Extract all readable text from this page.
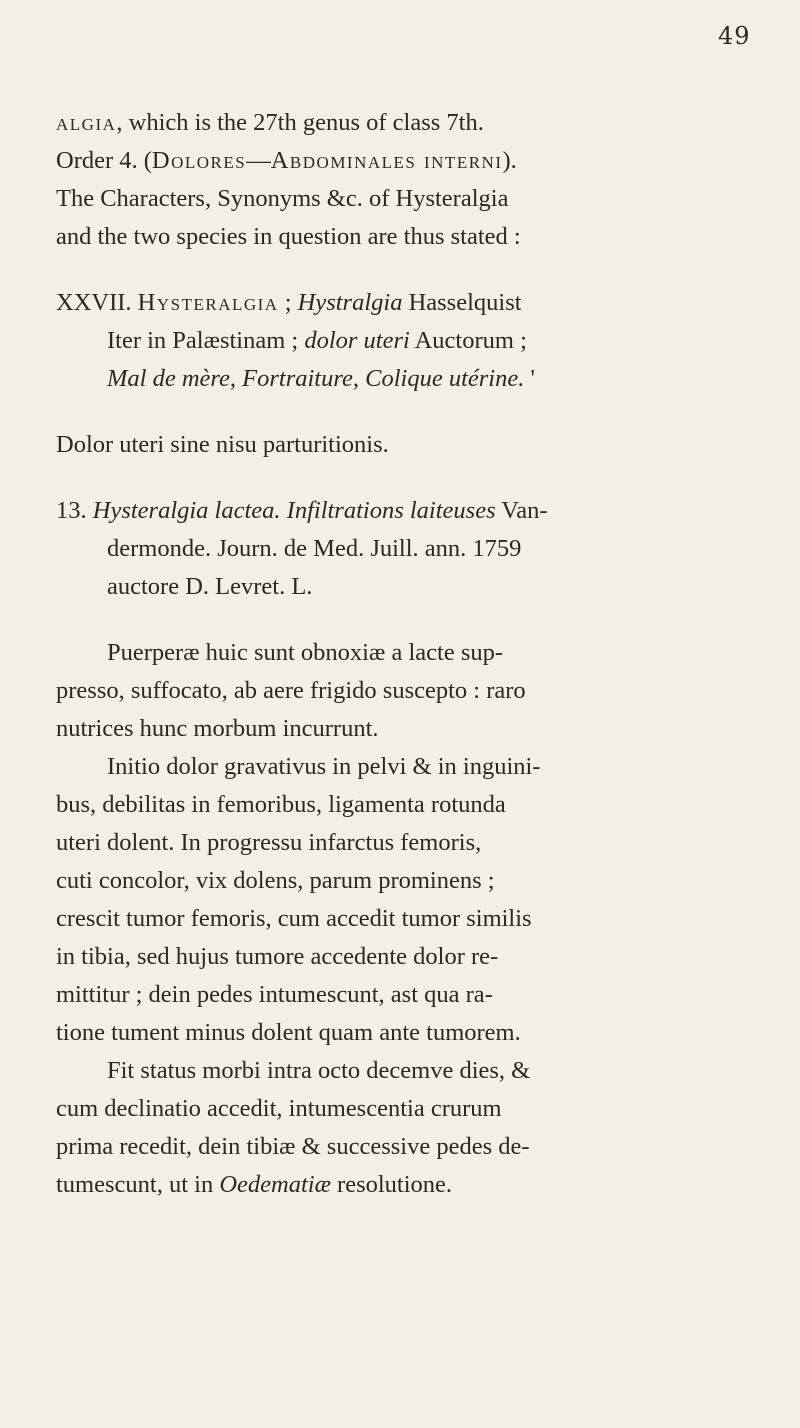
49
algia, which is the 27th genus of class 7th.
Order 4. (Dolores—Abdominales interni).
The Characters, Synonyms &c. of Hysteralgia
and the two species in question are thus stated :
XXVII. Hysteralgia ; Hystralgia Hasselquist
Iter in Palæstinam ; dolor uteri Auctorum ;
Mal de mère, Fortraiture, Colique utérine. '
Dolor uteri sine nisu parturitionis.
13. Hysteralgia lactea. Infiltrations laiteuses Van-
dermonde. Journ. de Med. Juill. ann. 1759
auctore D. Levret. L.
Puerperæ huic sunt obnoxiæ a lacte sup-
presso, suffocato, ab aere frigido suscepto : raro
nutrices hunc morbum incurrunt.
Initio dolor gravativus in pelvi & in inguini-
bus, debilitas in femoribus, ligamenta rotunda
uteri dolent. In progressu infarctus femoris,
cuti concolor, vix dolens, parum prominens ;
crescit tumor femoris, cum accedit tumor similis
in tibia, sed hujus tumore accedente dolor re-
mittitur ; dein pedes intumescunt, ast qua ra-
tione tument minus dolent quam ante tumorem.
Fit status morbi intra octo decemve dies, &
cum declinatio accedit, intumescentia crurum
prima recedit, dein tibiæ & successive pedes de-
tumescunt, ut in Oedematiæ resolutione.
